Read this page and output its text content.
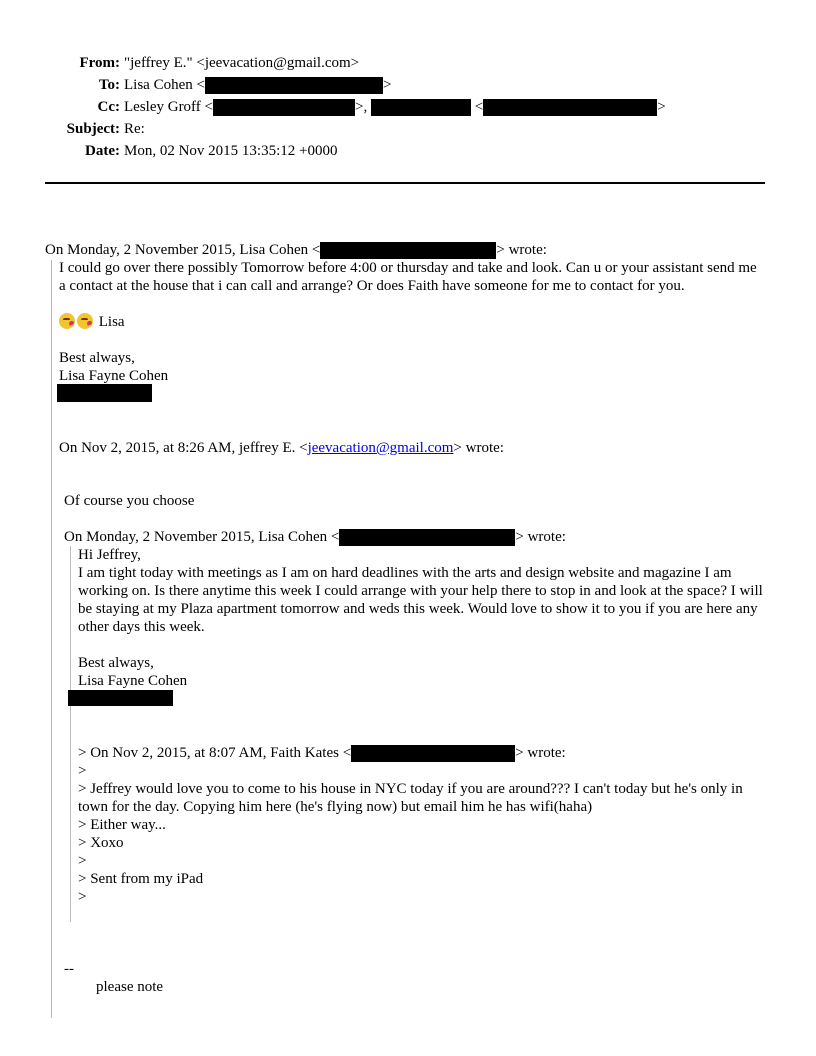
From: "jeffrey E." <jeevacation@gmail.com>
To: Lisa Cohen <	>
Cc: Lesley Groff <	>,	<	>
Subject: Re:
Date: Mon, 02 Nov 2015 13:35:12 +0000
On Monday, 2 November 2015, Lisa Cohen <	> wrote:
I could go over there possibly Tomorrow before 4:00 or thursday and take and look. Can u or your assistant send me a contact at the house that i can call and arrange? Or does Faith have someone for me to contact for you.
Lisa
Best always,
Lisa Fayne Cohen
On Nov 2, 2015, at 8:26 AM, jeffrey E. <jeevacation@gmail.com> wrote:
Of course you choose
On Monday, 2 November 2015, Lisa Cohen <	> wrote:
Hi Jeffrey,
I am tight today with meetings as I am on hard deadlines with the arts and design website and magazine I am working on. Is there anytime this week I could arrange with your help there to stop in and look at the space? I will be staying at my Plaza apartment tomorrow and weds this week. Would love to show it to you if you are here any other days this week.
Best always,
Lisa Fayne Cohen
> On Nov 2, 2015, at 8:07 AM, Faith Kates <	> wrote:
>
> Jeffrey would love you to come to his house in NYC today if you are around??? I can't today but he's only in town for the day. Copying him here (he's flying now) but email him he has wifi(haha)
> Either way...
> Xoxo
>
> Sent from my iPad
>
--
please note
